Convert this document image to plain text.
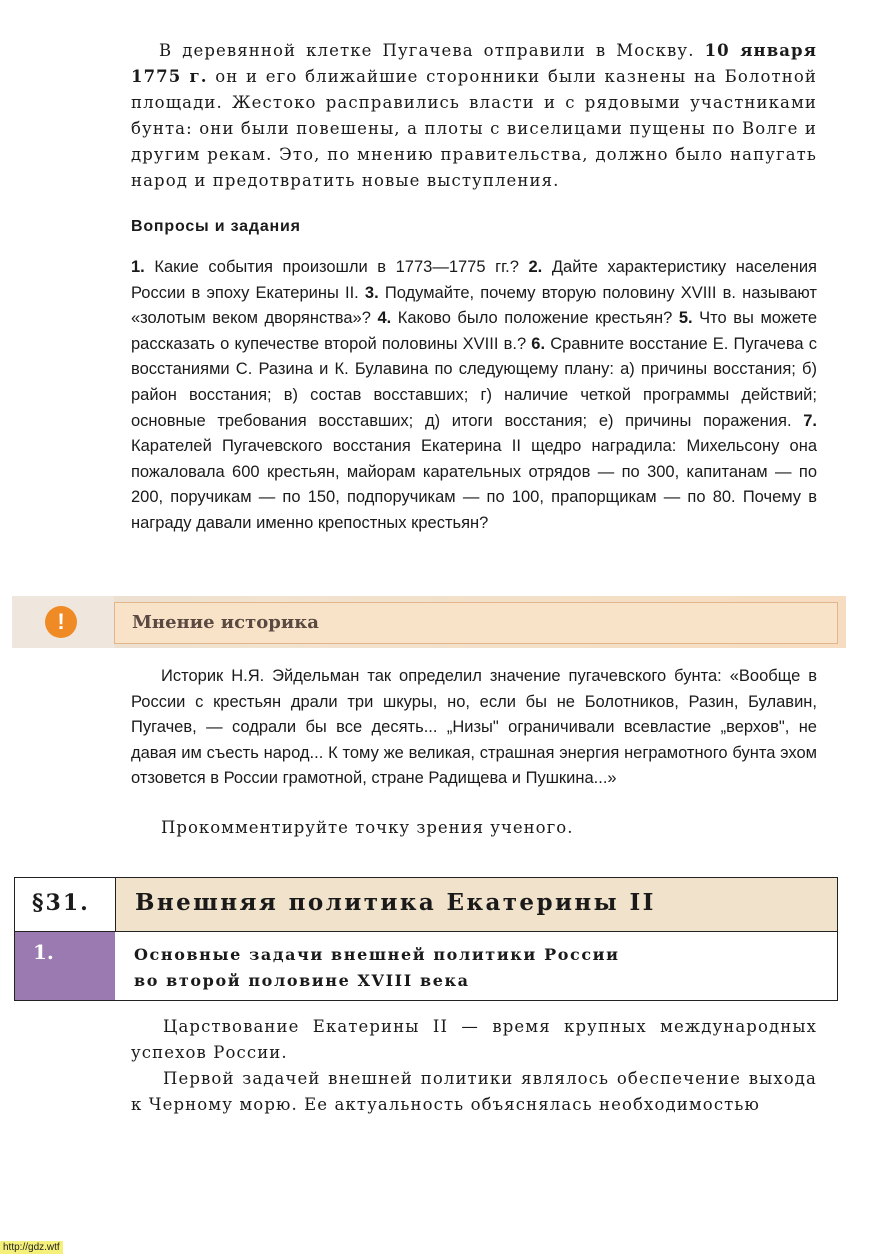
В деревянной клетке Пугачева отправили в Москву. 10 января 1775 г. он и его ближайшие сторонники были казнены на Болотной площади. Жестоко расправились власти и с рядовыми участниками бунта: они были повешены, а плоты с виселицами пущены по Волге и другим рекам. Это, по мнению правительства, должно было напугать народ и предотвратить новые выступления.

Вопросы и задания

1. Какие события произошли в 1773—1775 гг.? 2. Дайте характеристику населения России в эпоху Екатерины II. 3. Подумайте, почему вторую половину XVIII в. называют «золотым веком дворянства»? 4. Каково было положение крестьян? 5. Что вы можете рассказать о купечестве второй половины XVIII в.? 6. Сравните восстание Е. Пугачева с восстаниями С. Разина и К. Булавина по следующему плану: а) причины восстания; б) район восстания; в) состав восставших; г) наличие четкой программы действий; основные требования восставших; д) итоги восстания; е) причины поражения. 7. Карателей Пугачевского восстания Екатерина II щедро наградила: Михельсону она пожаловала 600 крестьян, майорам карательных отрядов — по 300, капитанам — по 200, поручикам — по 150, подпоручикам — по 100, прапорщикам — по 80. Почему в награду давали именно крепостных крестьян?

!	Мнение историка

Историк Н.Я. Эйдельман так определил значение пугачевского бунта: «Вообще в России с крестьян драли три шкуры, но, если бы не Болотников, Разин, Булавин, Пугачев, — содрали бы все десять... „Низы" ограничивали всевластие „верхов", не давая им съесть народ... К тому же великая, страшная энергия неграмотного бунта эхом отзовется в России грамотной, стране Радищева и Пушкина...»

Прокомментируйте точку зрения ученого.
§31. Внешняя политика Екатерины II
1.	Основные задачи внешней политики России
во второй половине XVIII века

Царствование Екатерины II — время крупных международных успехов России.

Первой задачей внешней политики являлось обеспечение выхода к Черному морю. Ее актуальность объяснялась необходимостью

http://gdz.wtf
